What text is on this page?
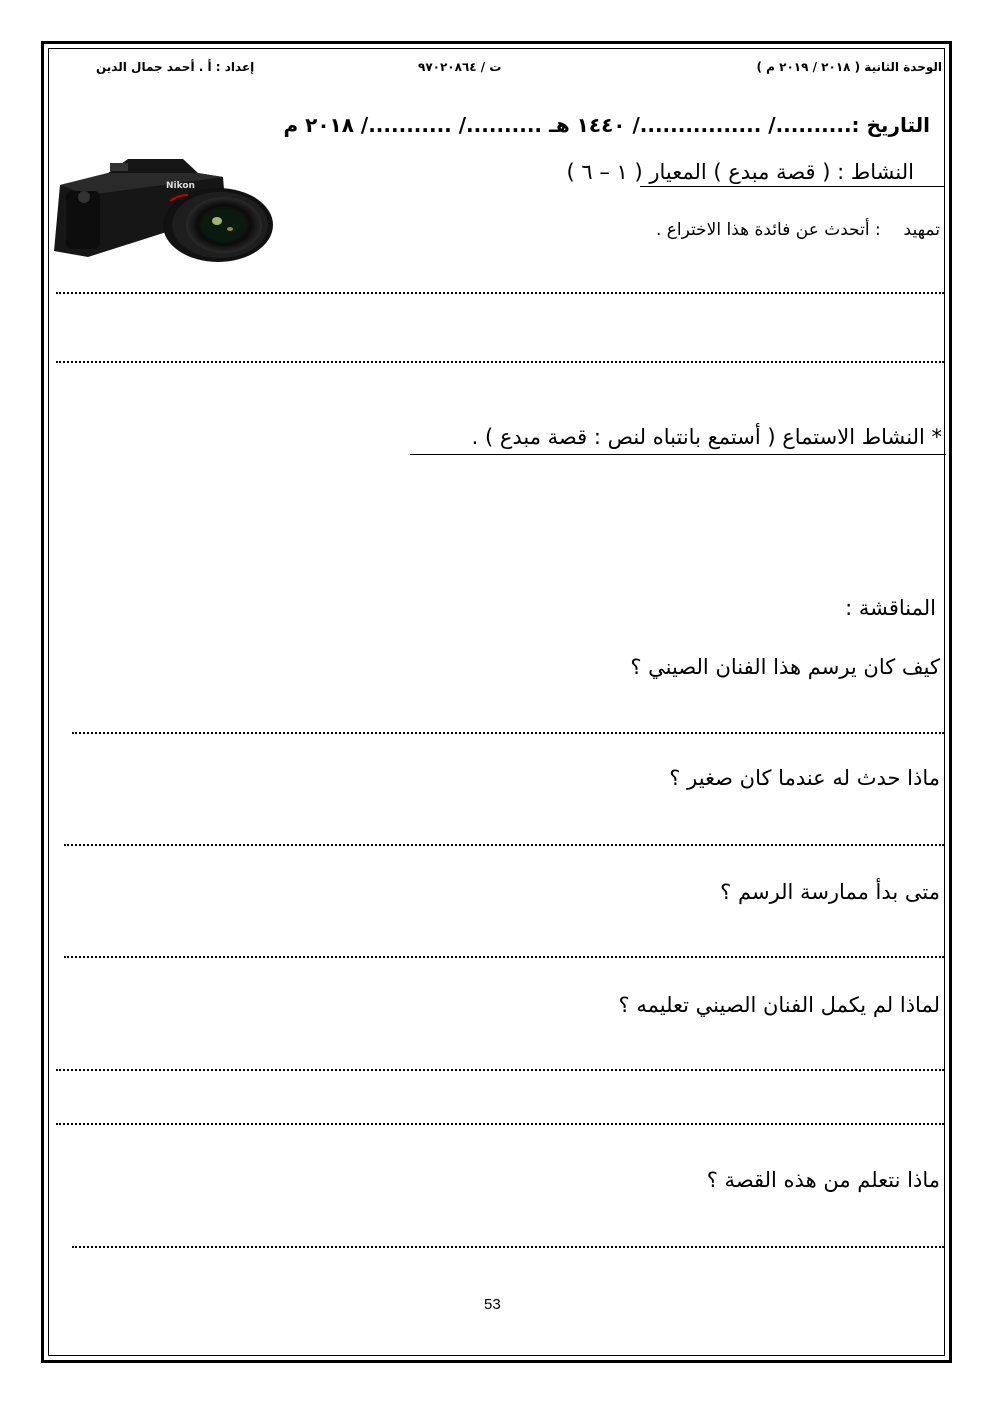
الوحدة الثانية ( ٢٠١٨ / ٢٠١٩ م )
ت / ٩٧٠٢٠٨٦٤
إعداد : أ . أحمد جمال الدين
التاريخ :........../ ................/ ١٤٤٠ هـ ........../ .........../ ٢٠١٨ م
النشاط : ( قصة مبدع ) المعيار ( ١ – ٦ )
Nikon
تمهيد  : أتحدث عن فائدة هذا الاختراع .
* النشاط الاستماع ( أستمع بانتباه لنص : قصة مبدع ) .
المناقشة :
كيف كان يرسم هذا الفنان الصيني ؟
ماذا حدث له عندما كان صغير ؟
متى بدأ ممارسة الرسم ؟
لماذا لم يكمل الفنان الصيني تعليمه ؟
ماذا نتعلم من هذه القصة ؟
53
